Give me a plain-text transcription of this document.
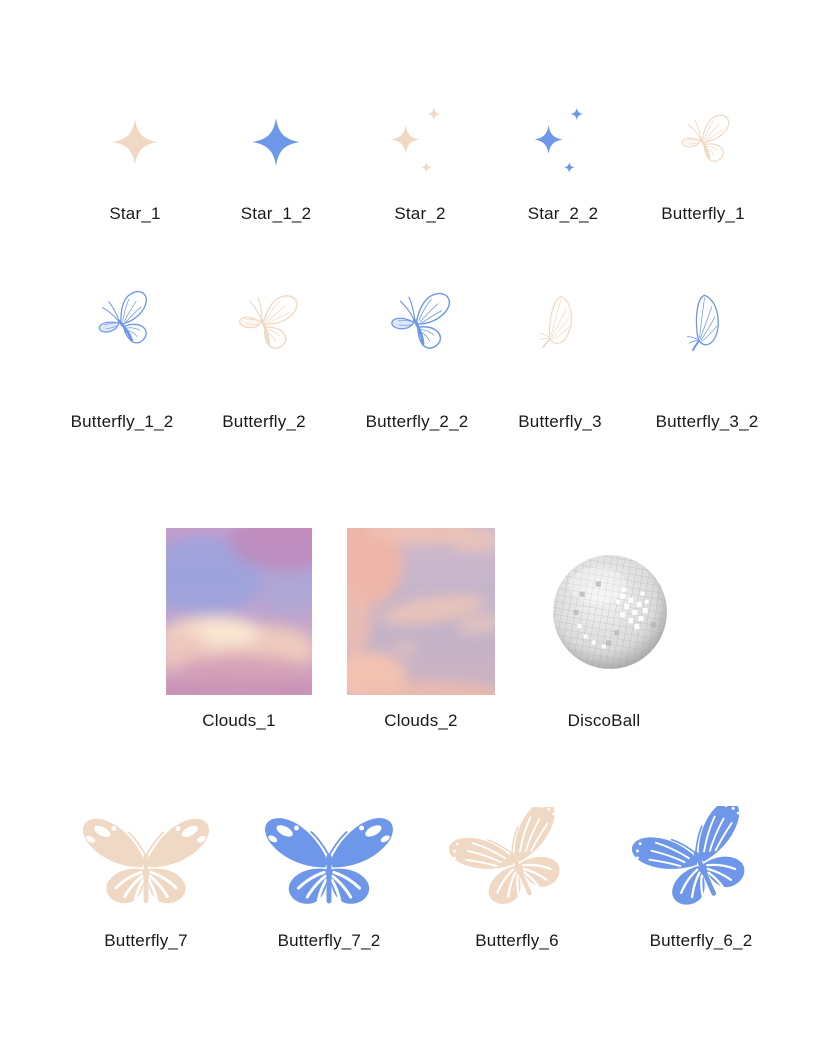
Star_1	Star_1_2	Star_2	Star_2_2	Butterfly_1
Butterfly_1_2	Butterfly_2	Butterfly_2_2	Butterfly_3	Butterfly_3_2
Clouds_1	Clouds_2	DiscoBall
Butterfly_7	Butterfly_7_2	Butterfly_6	Butterfly_6_2
